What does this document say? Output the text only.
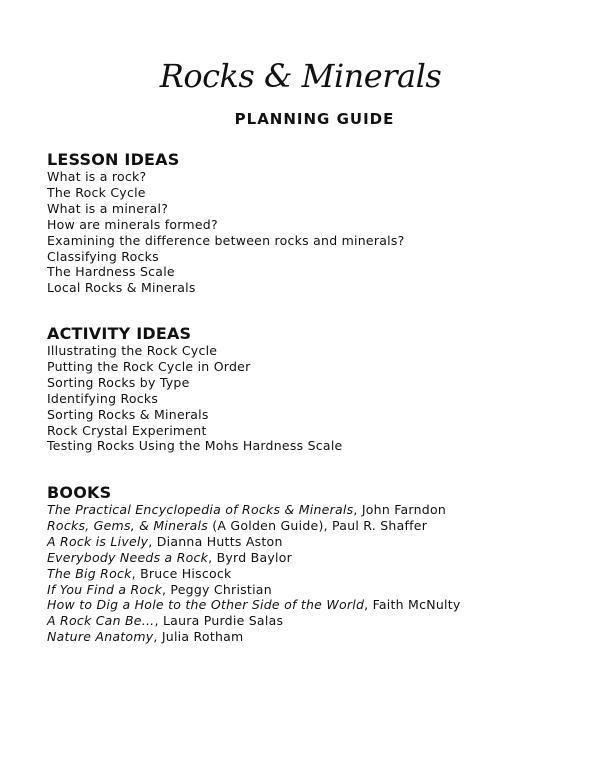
Rocks & Minerals
PLANNING GUIDE
LESSON IDEAS
What is a rock?
The Rock Cycle
What is a mineral?
How are minerals formed?
Examining the difference between rocks and minerals?
Classifying Rocks
The Hardness Scale
Local Rocks & Minerals
ACTIVITY IDEAS
Illustrating the Rock Cycle
Putting the Rock Cycle in Order
Sorting Rocks by Type
Identifying Rocks
Sorting Rocks & Minerals
Rock Crystal Experiment
Testing Rocks Using the Mohs Hardness Scale
BOOKS
The Practical Encyclopedia of Rocks & Minerals, John Farndon
Rocks, Gems, & Minerals (A Golden Guide), Paul R. Shaffer
A Rock is Lively, Dianna Hutts Aston
Everybody Needs a Rock, Byrd Baylor
The Big Rock, Bruce Hiscock
If You Find a Rock, Peggy Christian
How to Dig a Hole to the Other Side of the World, Faith McNulty
A Rock Can Be…, Laura Purdie Salas
Nature Anatomy, Julia Rotham
